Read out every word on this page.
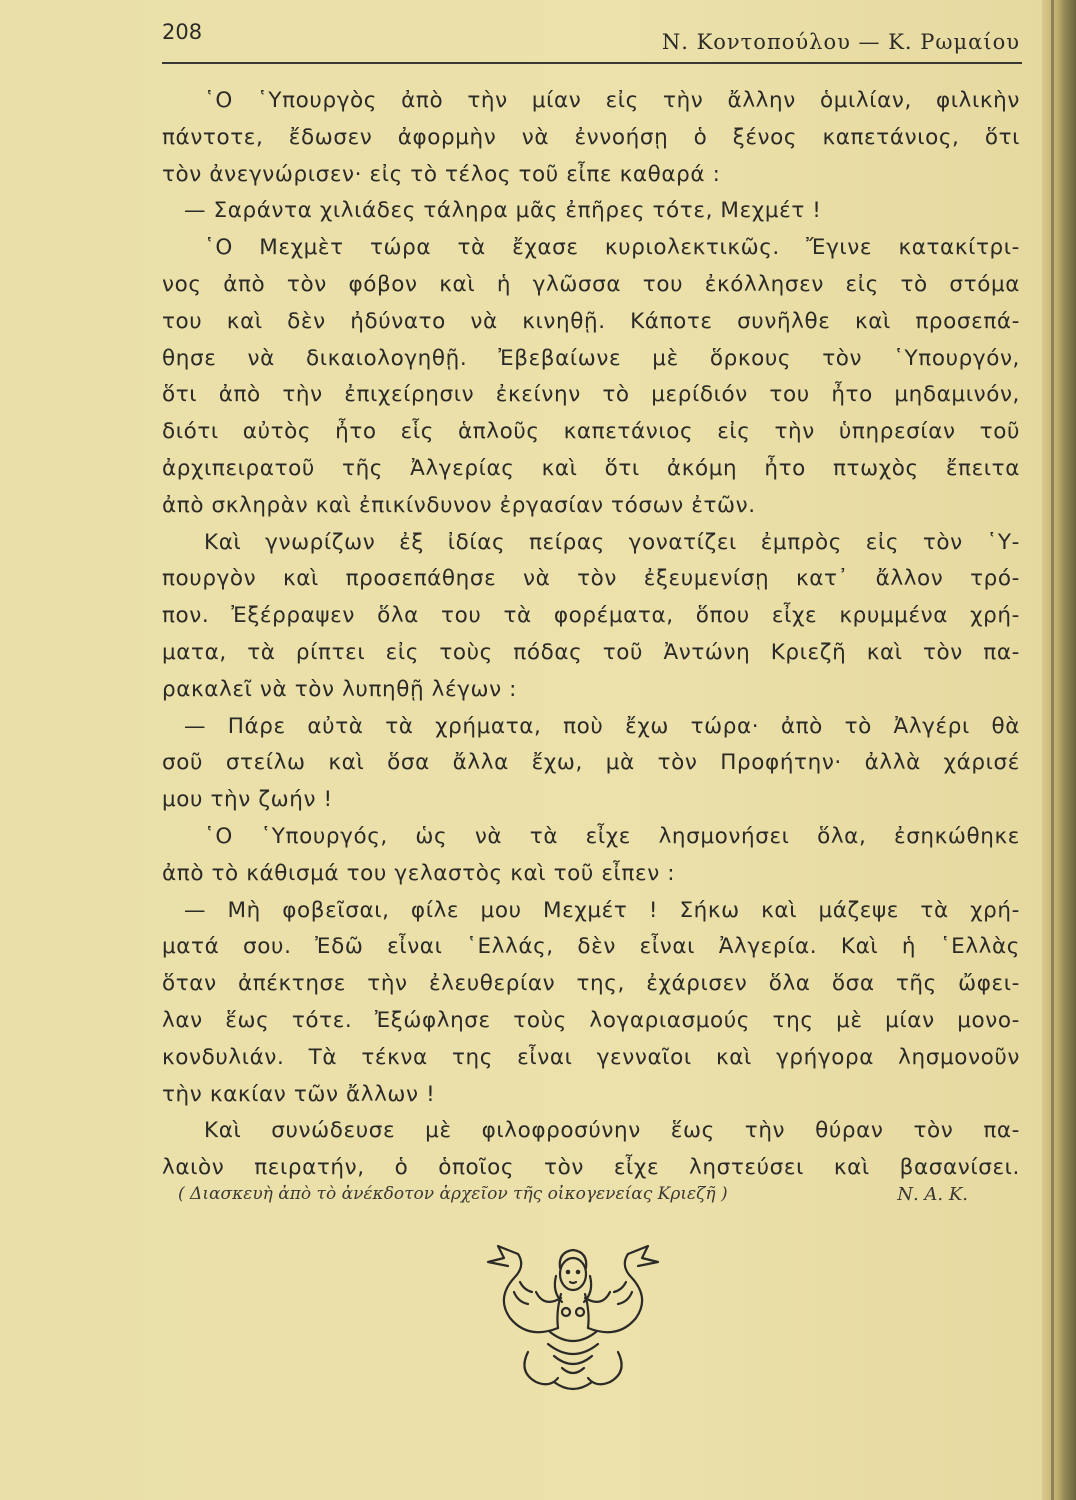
208	Ν. Κοντοπούλου — Κ. Ρωμαίου
῾Ο ῾Υπουργὸς ἀπὸ τὴν μίαν εἰς τὴν ἄλλην ὁμιλίαν, φιλικὴν
πάντοτε, ἔδωσεν ἀφορμὴν νὰ ἐννοήσῃ ὁ ξένος καπετάνιος, ὅτι
τὸν ἀνεγνώρισεν· εἰς τὸ τέλος τοῦ εἶπε καθαρά :
— Σαράντα χιλιάδες τάληρα μᾶς ἐπῆρες τότε, Μεχμέτ !
῾Ο Μεχμὲτ τώρα τὰ ἔχασε κυριολεκτικῶς. Ἔγινε κατακίτρι-
νος ἀπὸ τὸν φόβον καὶ ἡ γλῶσσα του ἐκόλλησεν εἰς τὸ στόμα
του καὶ δὲν ἠδύνατο νὰ κινηθῇ. Κάποτε συνῆλθε καὶ προσεπά-
θησε νὰ δικαιολογηθῇ. Ἐβεβαίωνε μὲ ὅρκους τὸν ῾Υπουργόν,
ὅτι ἀπὸ τὴν ἐπιχείρησιν ἐκείνην τὸ μερίδιόν του ἦτο μηδαμινόν,
διότι αὐτὸς ἦτο εἷς ἁπλοῦς καπετάνιος εἰς τὴν ὑπηρεσίαν τοῦ
ἀρχιπειρατοῦ τῆς Ἀλγερίας καὶ ὅτι ἀκόμη ἦτο πτωχὸς ἔπειτα
ἀπὸ σκληρὰν καὶ ἐπικίνδυνον ἐργασίαν τόσων ἐτῶν.
Καὶ γνωρίζων ἐξ ἰδίας πείρας γονατίζει ἐμπρὸς εἰς τὸν ῾Υ-
πουργὸν καὶ προσεπάθησε νὰ τὸν ἐξευμενίσῃ κατ᾿ ἄλλον τρό-
πον. Ἐξέρραψεν ὅλα του τὰ φορέματα, ὅπου εἶχε κρυμμένα χρή-
ματα, τὰ ρίπτει εἰς τοὺς πόδας τοῦ Ἀντώνη Κριεζῆ καὶ τὸν πα-
ρακαλεῖ νὰ τὸν λυπηθῇ λέγων :
— Πάρε αὐτὰ τὰ χρήματα, ποὺ ἔχω τώρα· ἀπὸ τὸ Ἀλγέρι θὰ
σοῦ στείλω καὶ ὅσα ἄλλα ἔχω, μὰ τὸν Προφήτην· ἀλλὰ χάρισέ
μου τὴν ζωήν !
῾Ο ῾Υπουργός, ὡς νὰ τὰ εἶχε λησμονήσει ὅλα, ἐσηκώθηκε
ἀπὸ τὸ κάθισμά του γελαστὸς καὶ τοῦ εἶπεν :
— Μὴ φοβεῖσαι, φίλε μου Μεχμέτ ! Σήκω καὶ μάζεψε τὰ χρή-
ματά σου. Ἐδῶ εἶναι ῾Ελλάς, δὲν εἶναι Ἀλγερία. Καὶ ἡ ῾Ελλὰς
ὅταν ἀπέκτησε τὴν ἐλευθερίαν της, ἐχάρισεν ὅλα ὅσα τῆς ὤφει-
λαν ἕως τότε. Ἐξώφλησε τοὺς λογαριασμούς της μὲ μίαν μονο-
κονδυλιάν. Τὰ τέκνα της εἶναι γενναῖοι καὶ γρήγορα λησμονοῦν
τὴν κακίαν τῶν ἄλλων !
Καὶ συνώδευσε μὲ φιλοφροσύνην ἕως τὴν θύραν τὸν πα-
λαιὸν πειρατήν, ὁ ὁποῖος τὸν εἶχε ληστεύσει καὶ βασανίσει.
( Διασκευὴ ἀπὸ τὸ ἀνέκδοτον ἀρχεῖον τῆς οἰκογενείας Κριεζῆ )	Ν. Α. Κ.
